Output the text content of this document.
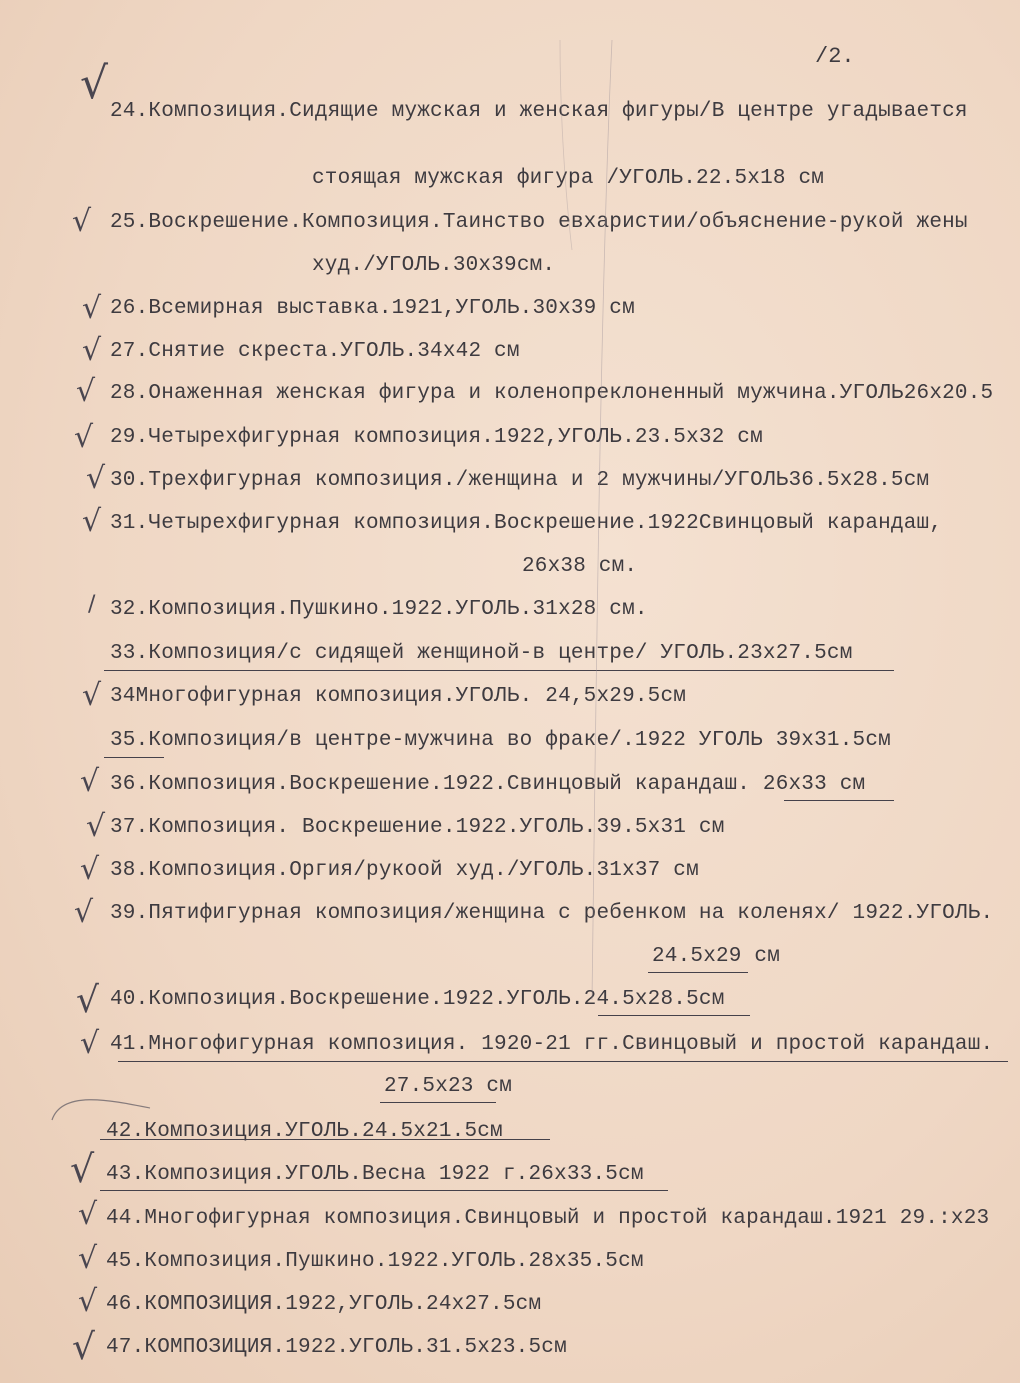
/2.
√
√
√
√
√
√
√
√
/
√
√
√
√
√
√
√
√
√
√
√
√
24.Композиция.Сидящие мужская и женская фигуры/В центре угадывается
стоящая мужская фигура /УГОЛЬ.22.5х18 см
25.Воскрешение.Композиция.Таинство евхаристии/объяснение-рукой жены
худ./УГОЛЬ.30х39см.
26.Всемирная выставка.1921,УГОЛЬ.30х39 см
27.Снятие скреста.УГОЛЬ.34х42 см
28.Онаженная женская фигура и коленопреклоненный мужчина.УГОЛЬ26х20.5
29.Четырехфигурная композиция.1922,УГОЛЬ.23.5х32 см
30.Трехфигурная композиция./женщина и 2 мужчины/УГОЛЬ36.5х28.5см
31.Четырехфигурная композиция.Воскрешение.1922Свинцовый карандаш,
26х38 см.
32.Композиция.Пушкино.1922.УГОЛЬ.31х28 см.
33.Композиция/с сидящей женщиной-в центре/ УГОЛЬ.23х27.5см
34Многофигурная композиция.УГОЛЬ. 24,5х29.5см
35.Композиция/в центре-мужчина во фраке/.1922 УГОЛЬ 39х31.5см
36.Композиция.Воскрешение.1922.Свинцовый карандаш. 26х33 см
37.Композиция. Воскрешение.1922.УГОЛЬ.39.5х31 см
38.Композиция.Оргия/рукоой худ./УГОЛЬ.31х37 см
39.Пятифигурная композиция/женщина с ребенком на коленях/ 1922.УГОЛЬ.
24.5х29 см
40.Композиция.Воскрешение.1922.УГОЛЬ.24.5х28.5см
41.Многофигурная композиция. 1920-21 гг.Свинцовый и простой карандаш.
27.5х23 см
42.Композиция.УГОЛЬ.24.5х21.5см
43.Композиция.УГОЛЬ.Весна 1922 г.26х33.5см
44.Многофигурная композиция.Свинцовый и простой карандаш.1921 29.:х23
45.Композиция.Пушкино.1922.УГОЛЬ.28х35.5см
46.КОМПОЗИЦИЯ.1922,УГОЛЬ.24х27.5см
47.КОМПОЗИЦИЯ.1922.УГОЛЬ.31.5х23.5см
